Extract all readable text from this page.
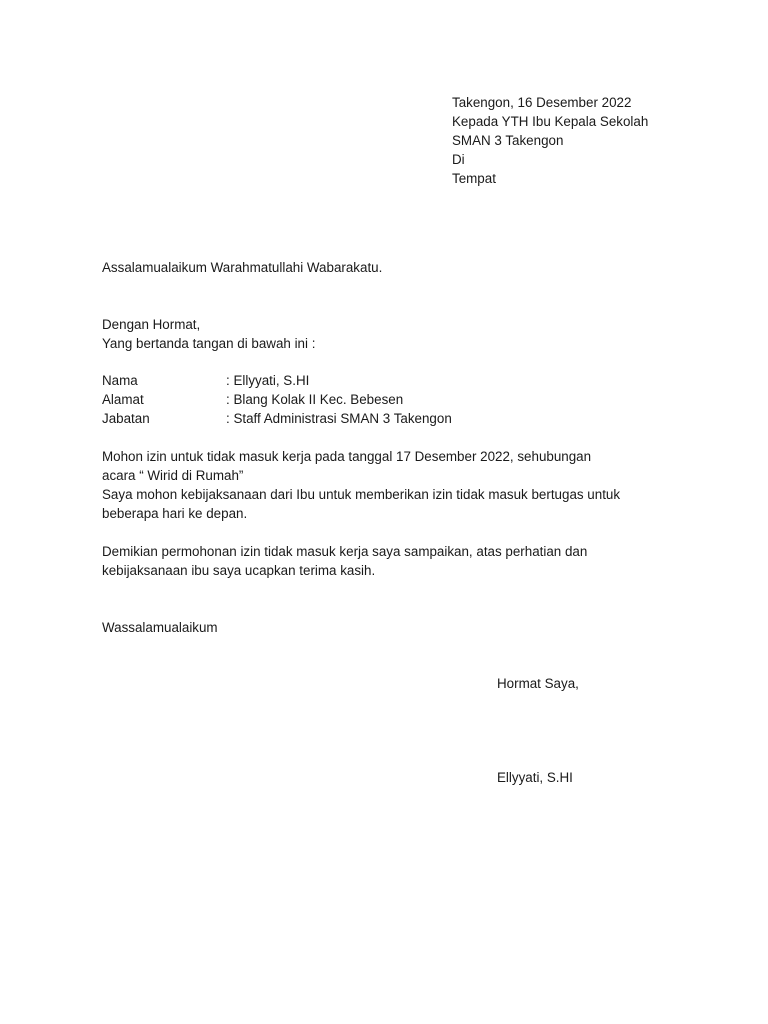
Takengon, 16 Desember 2022
Kepada YTH Ibu Kepala Sekolah
SMAN 3 Takengon
Di
Tempat
Assalamualaikum Warahmatullahi Wabarakatu.
Dengan Hormat,
Yang bertanda tangan di bawah ini :
Nama	: Ellyyati, S.HI
Alamat	: Blang Kolak II Kec. Bebesen
Jabatan	: Staff Administrasi SMAN 3 Takengon
Mohon izin untuk tidak masuk kerja pada tanggal 17 Desember 2022, sehubungan
acara “ Wirid di Rumah”
Saya mohon kebijaksanaan dari Ibu untuk memberikan izin tidak masuk bertugas untuk
beberapa hari ke depan.
Demikian permohonan izin tidak masuk kerja saya sampaikan, atas perhatian dan
kebijaksanaan ibu saya ucapkan terima kasih.
Wassalamualaikum
Hormat Saya,
Ellyyati, S.HI
